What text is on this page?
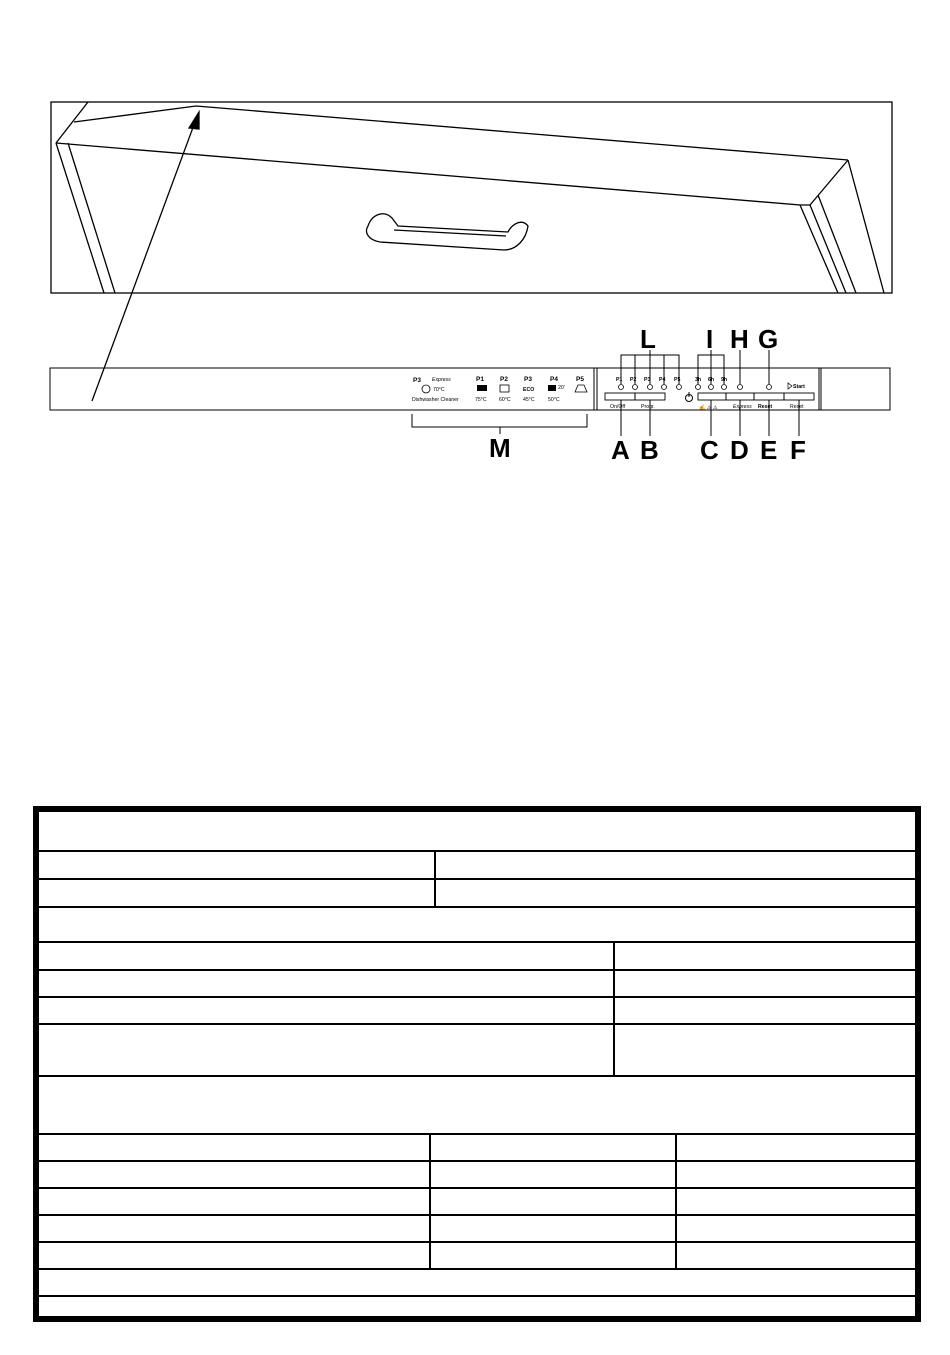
P3 Express
70°C
Dishwasher Cleaner
P1
75°C
P2
60°C
P3
ECO
45°C
P4
20'
50°C
P5	P1 P2 P3 P4 P5	3h 6h 9h
On/Off	Progr.	✍ ⚠ ⚠	Express Reset	Reset
Start
L I H G
M	A B C D E F
